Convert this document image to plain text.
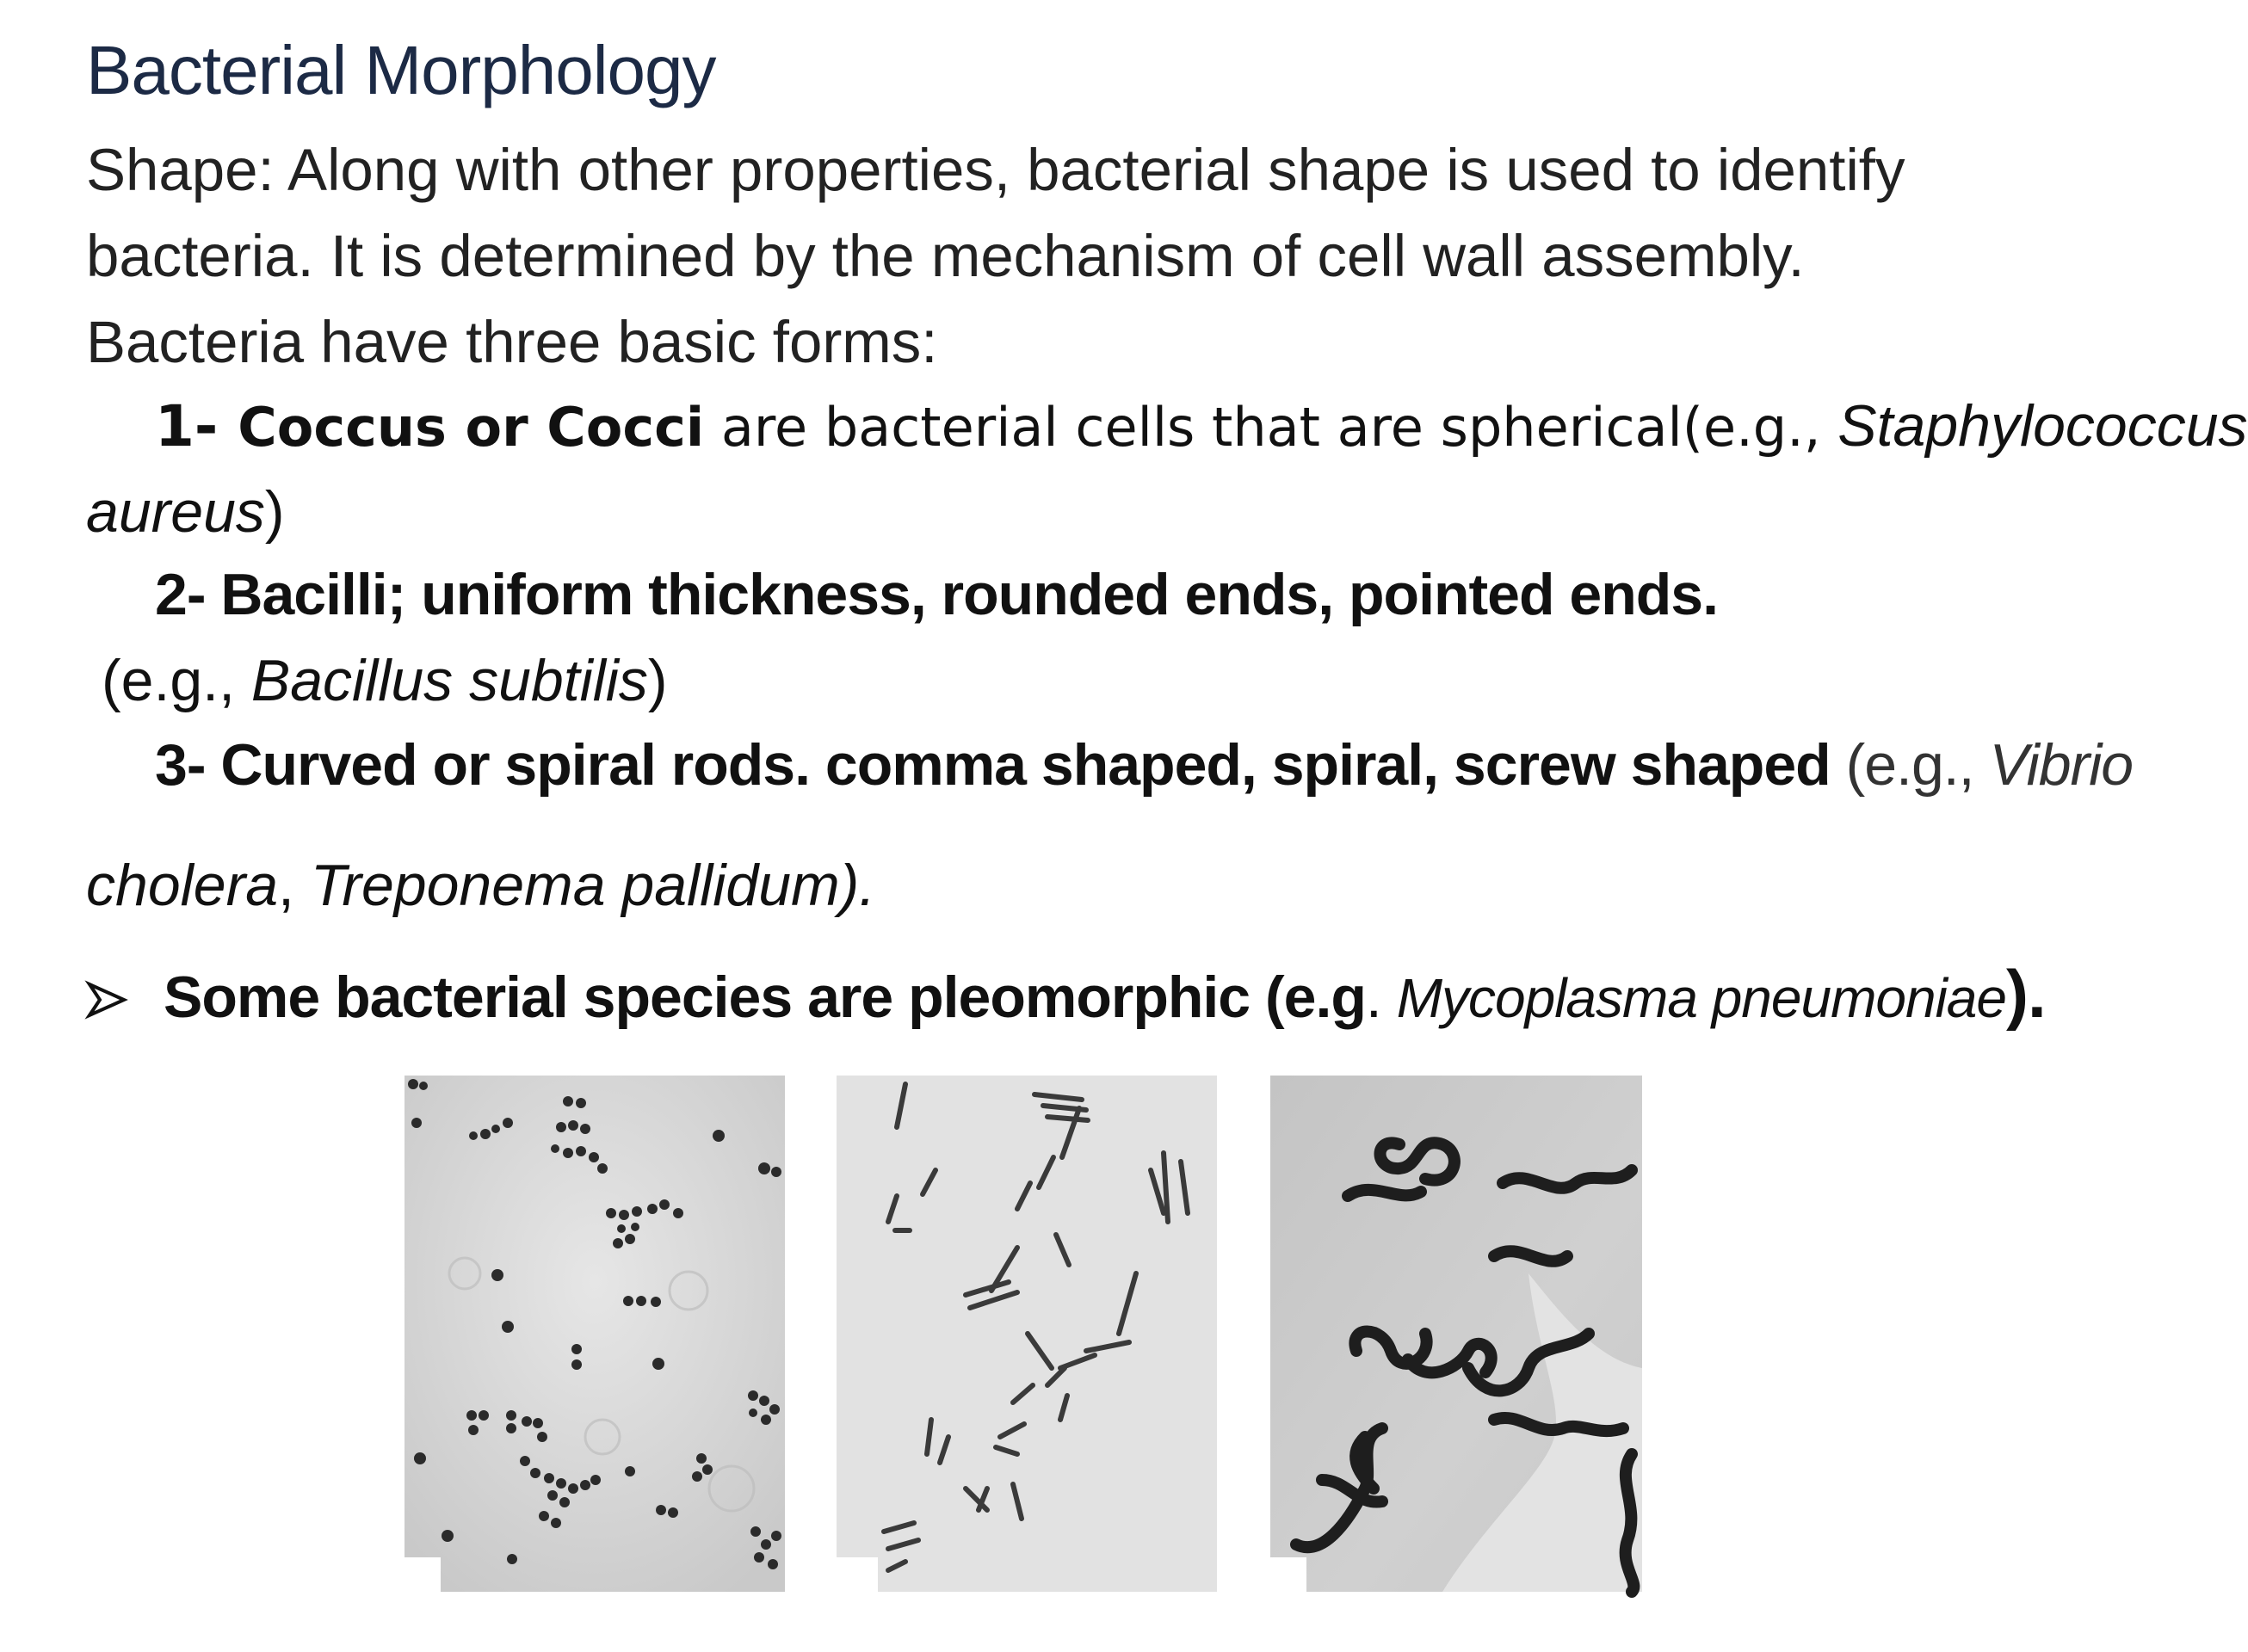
Bacterial Morphology
Shape: Along with other properties, bacterial shape is used to identify
bacteria. It is determined by the mechanism of cell wall assembly.
Bacteria have three basic forms:
1- Coccus or Cocci are bacterial cells that are spherical(e.g., Staphylococcus
aureus)
2- Bacilli; uniform thickness, rounded ends, pointed ends.
(e.g., Bacillus subtilis)
3- Curved or spiral rods. comma shaped, spiral, screw shaped (e.g., Vibrio
cholera, Treponema pallidum).
Some bacterial species are pleomorphic (e.g. Mycoplasma pneumoniae).
